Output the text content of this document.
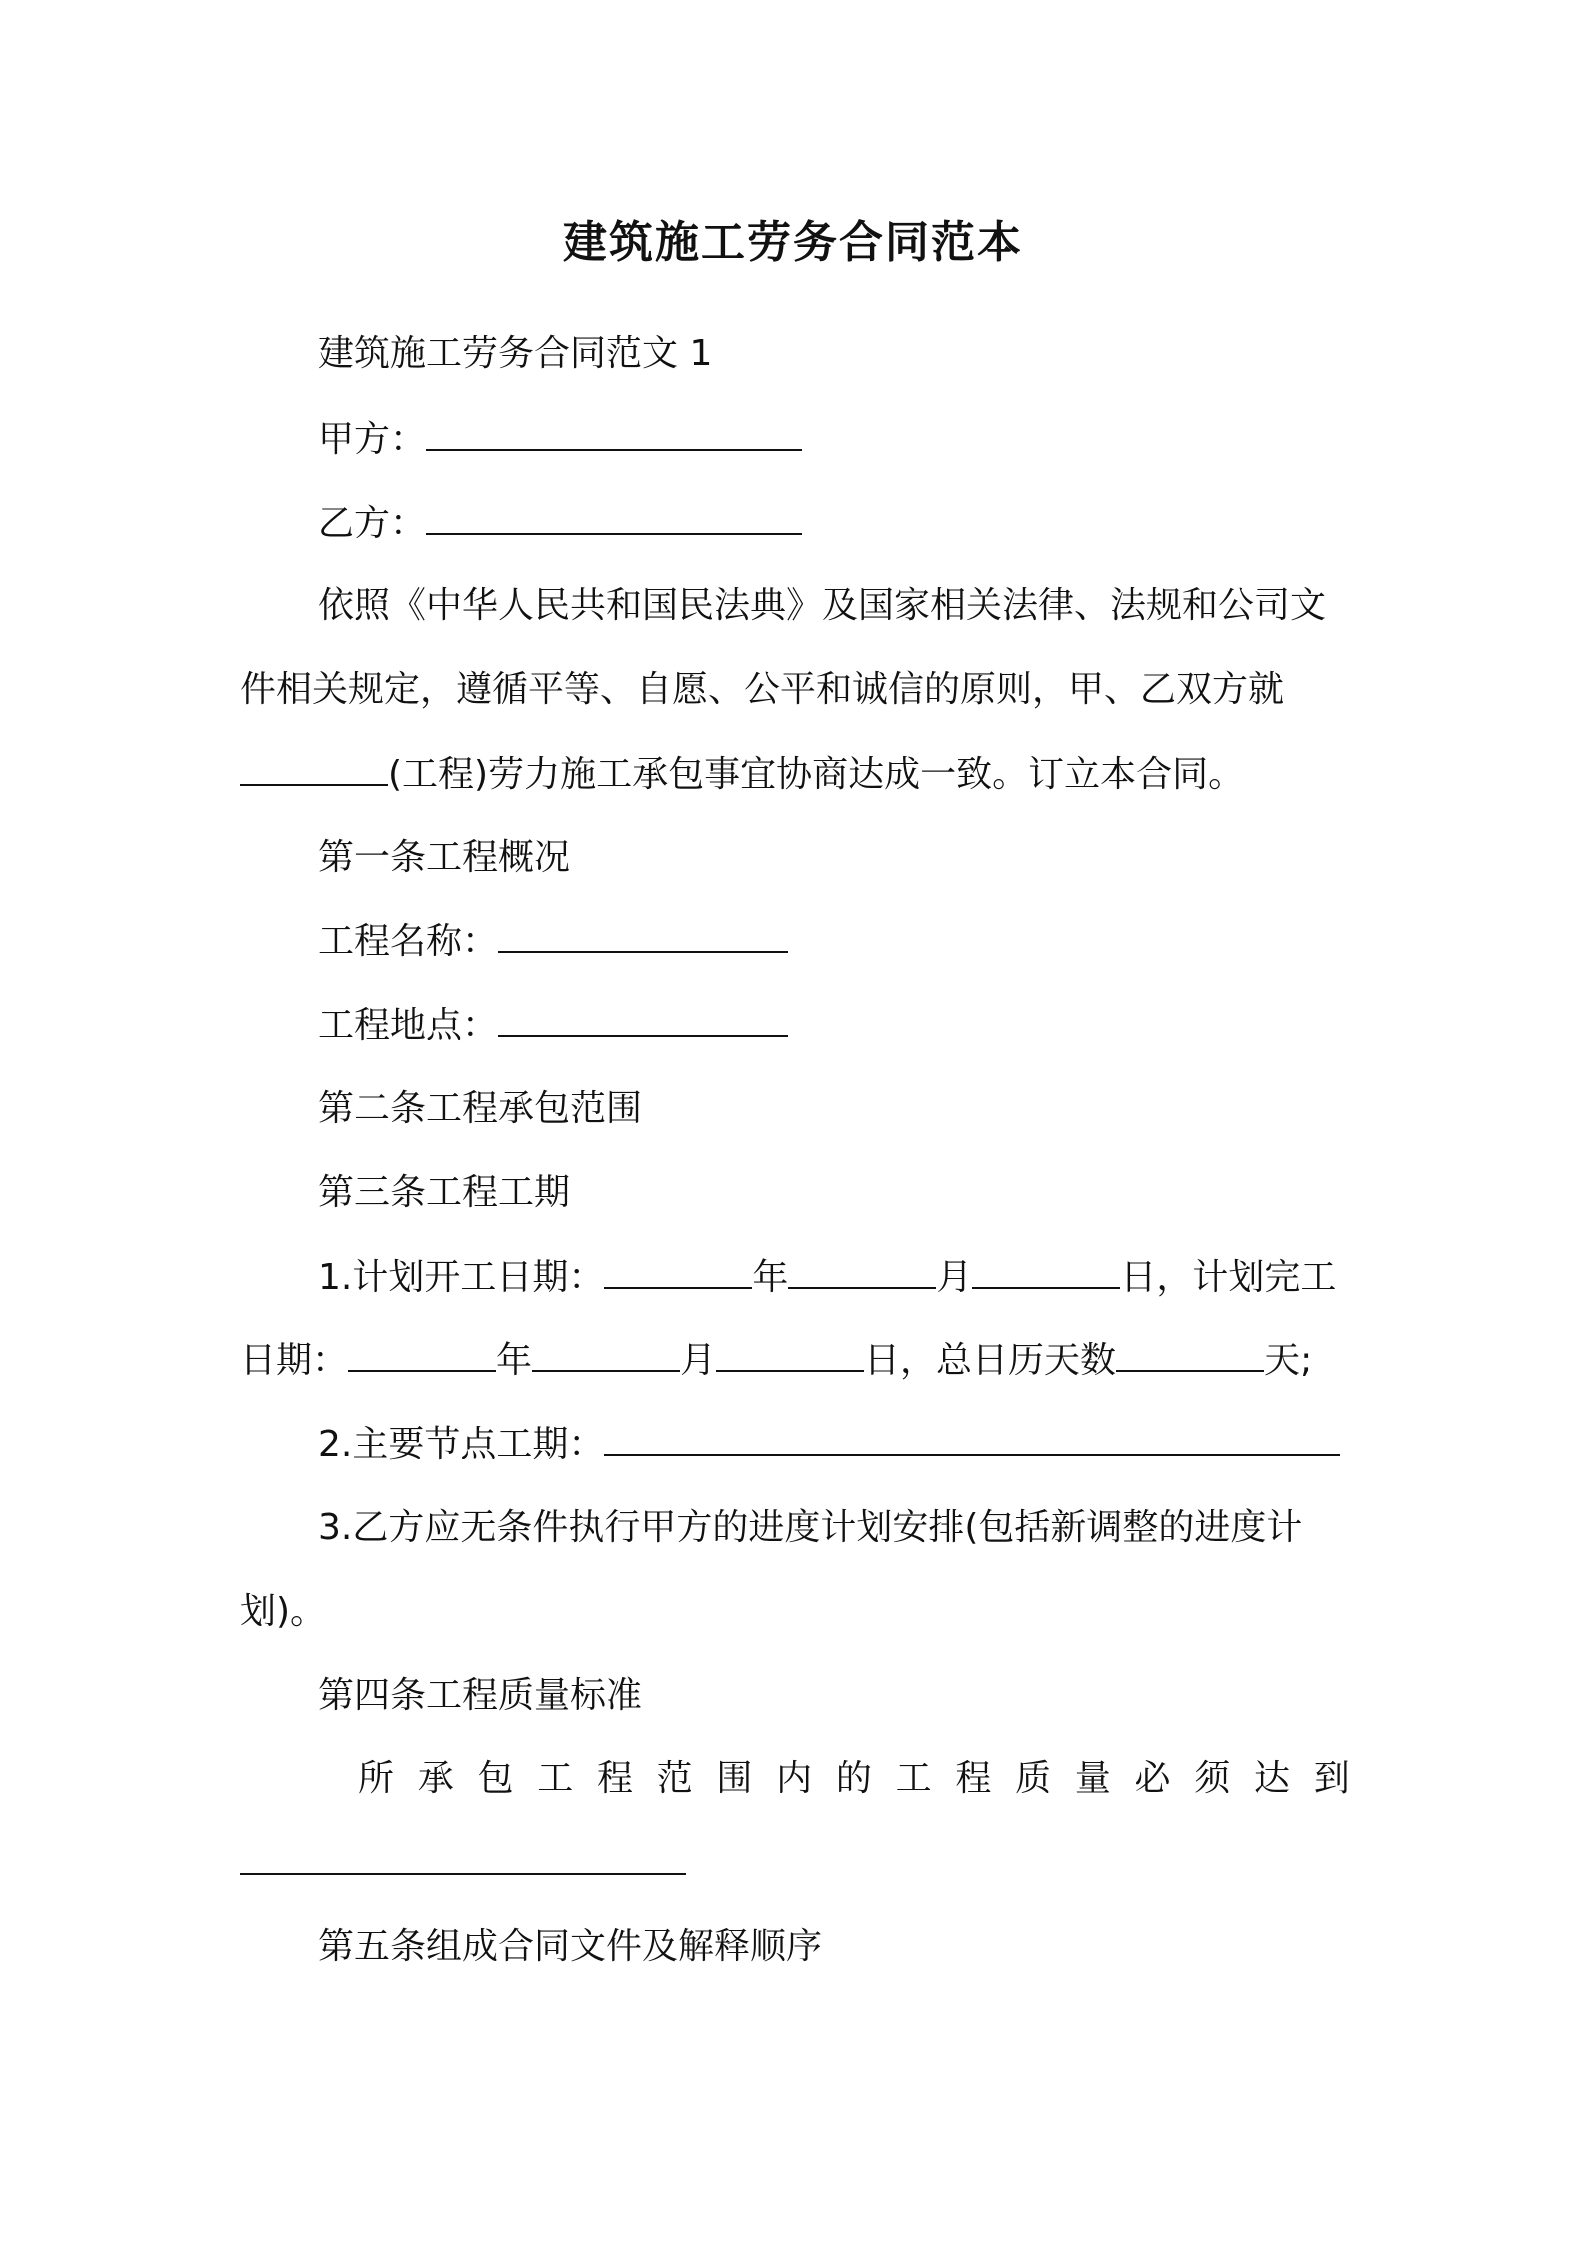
建筑施工劳务合同范本
建筑施工劳务合同范文 1
甲方：
乙方：
依照《中华人民共和国民法典》及国家相关法律、法规和公司文
件相关规定，遵循平等、自愿、公平和诚信的原则，甲、乙双方就
(工程)劳力施工承包事宜协商达成一致。订立本合同。
第一条工程概况
工程名称：
工程地点：
第二条工程承包范围
第三条工程工期
1.计划开工日期：	年	月	日，计划完工
日期：	年	月	日，总日历天数	天;
2.主要节点工期：
3.乙方应无条件执行甲方的进度计划安排(包括新调整的进度计
划)。
第四条工程质量标准
所 承 包 工 程 范 围 内 的 工 程 质 量 必 须 达 到
第五条组成合同文件及解释顺序
